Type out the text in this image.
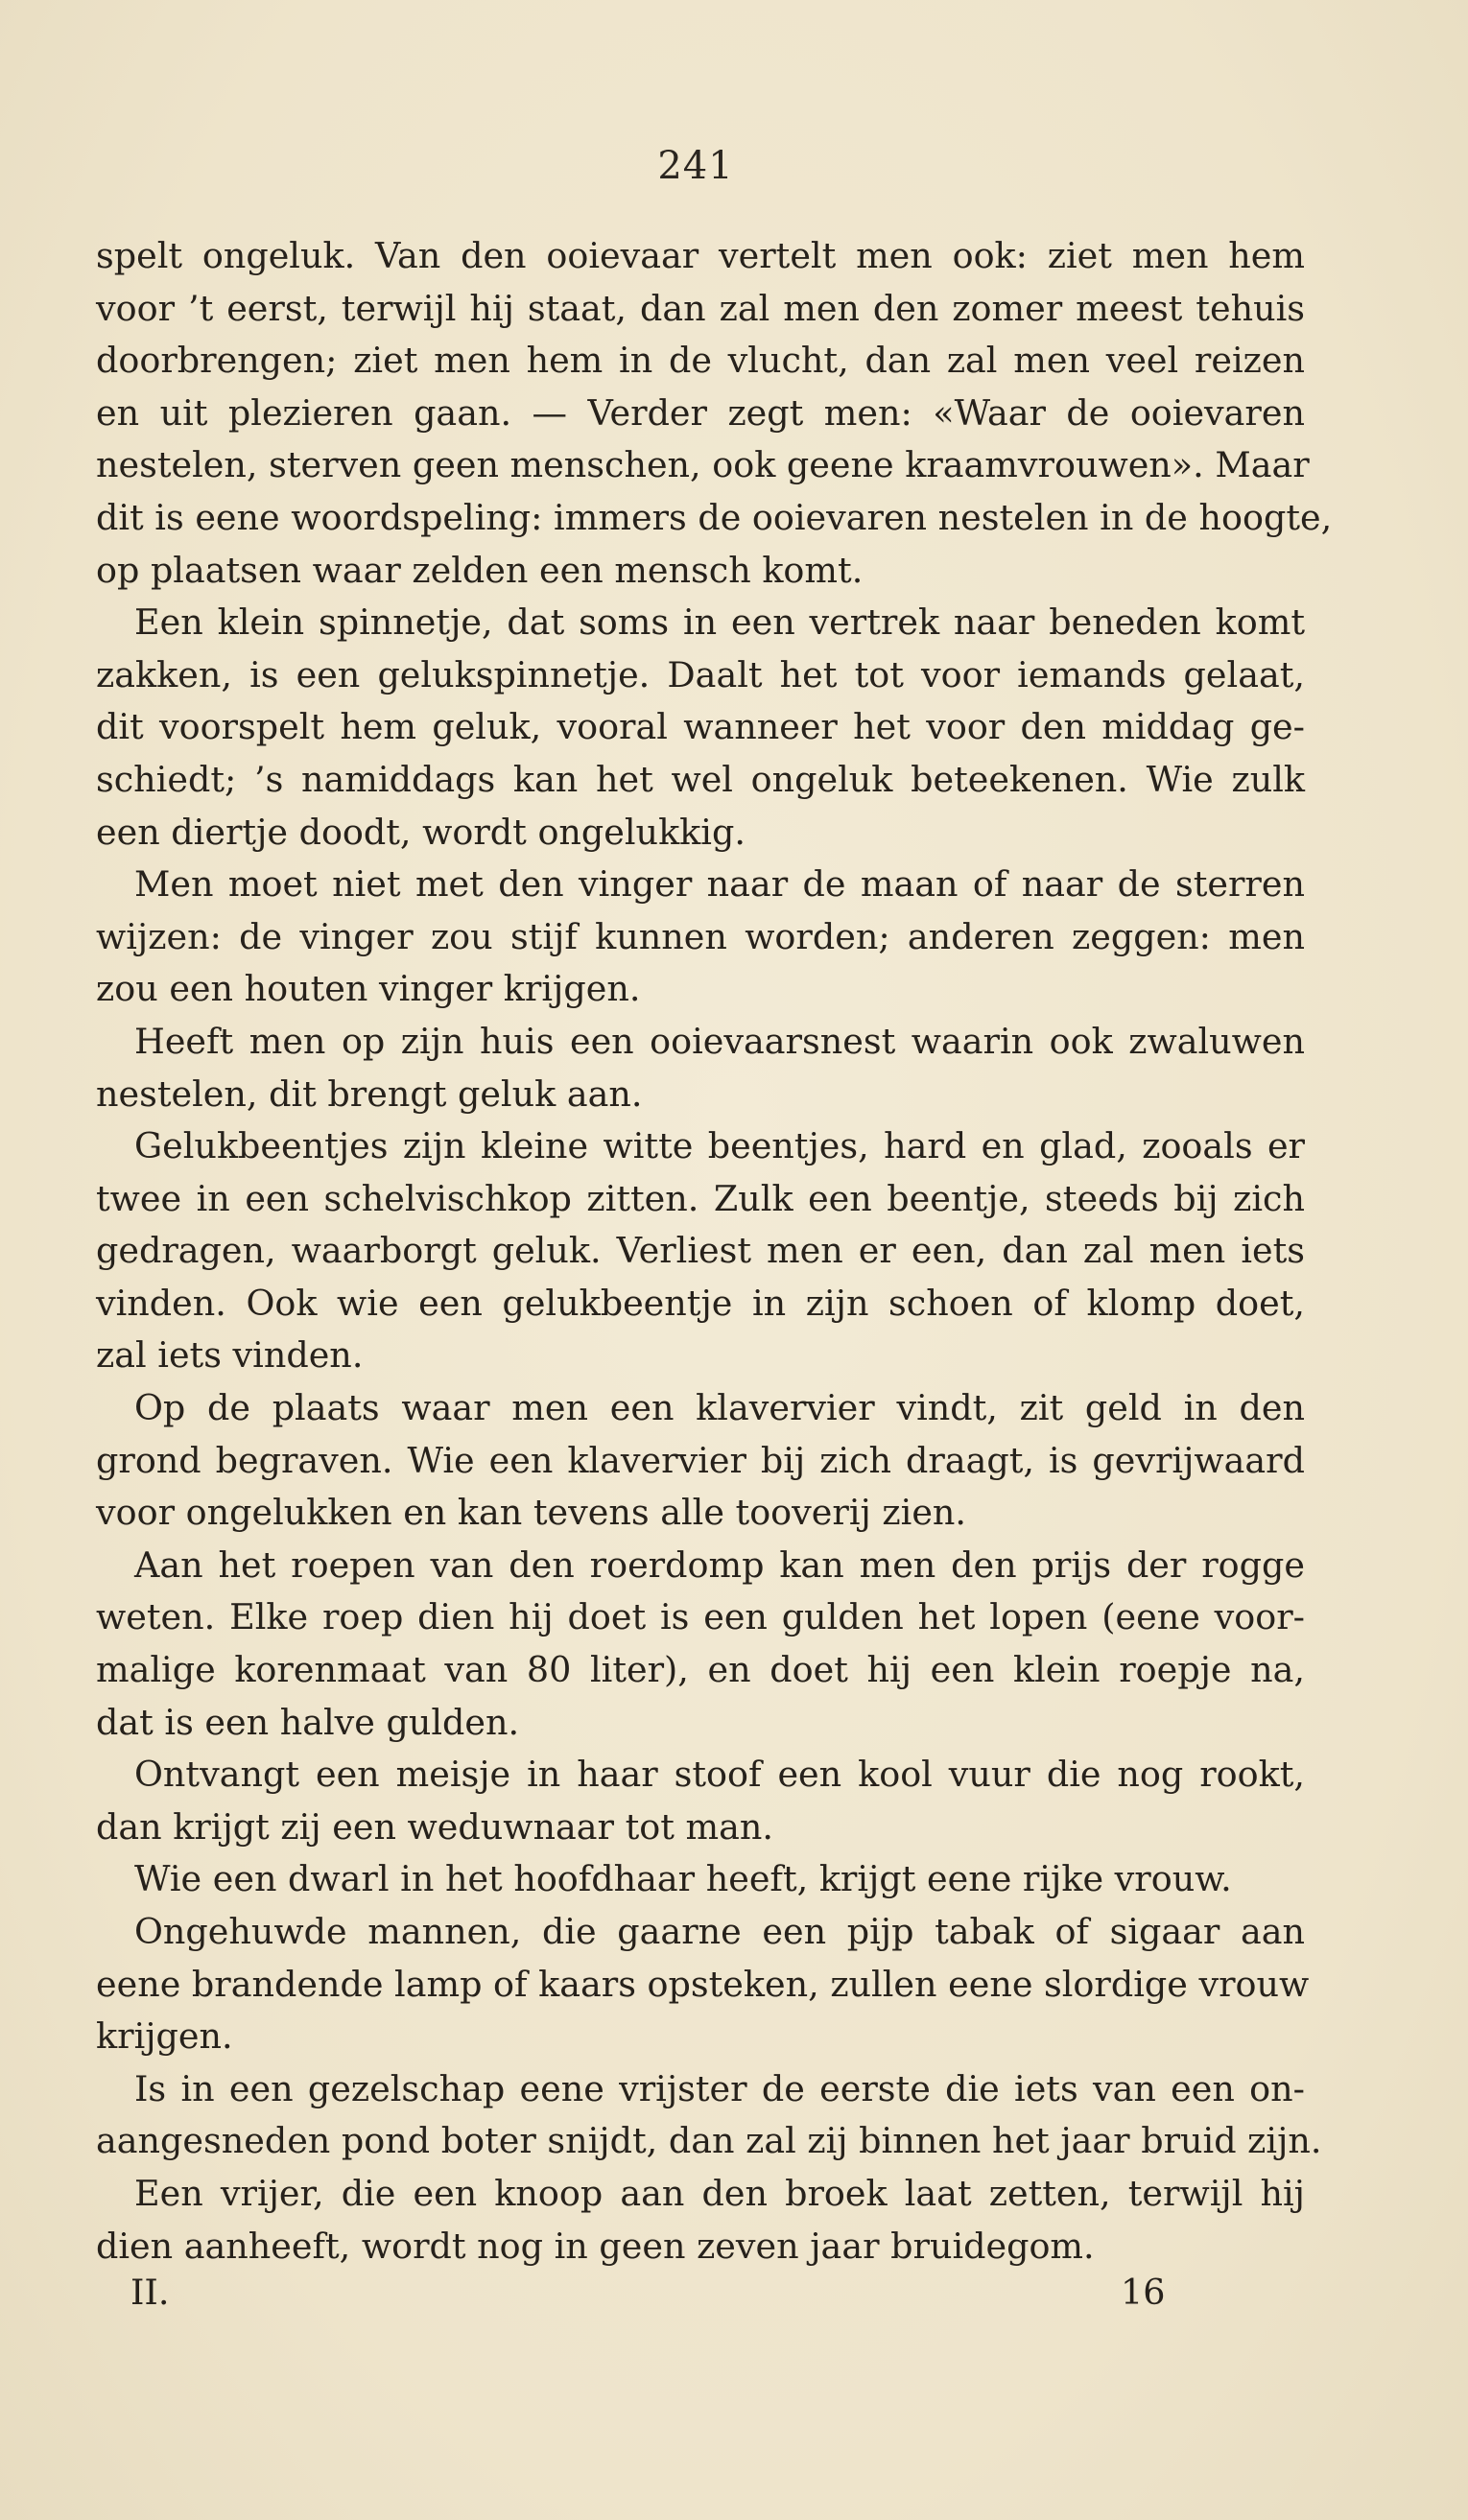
241
spelt ongeluk. Van den ooievaar vertelt men ook: ziet men hem
voor ’t eerst, terwijl hij staat, dan zal men den zomer meest tehuis
doorbrengen; ziet men hem in de vlucht, dan zal men veel reizen
en uit plezieren gaan. — Verder zegt men: «Waar de ooievaren
nestelen, sterven geen menschen, ook geene kraamvrouwen». Maar
dit is eene woordspeling: immers de ooievaren nestelen in de hoogte,
op plaatsen waar zelden een mensch komt.
Een klein spinnetje, dat soms in een vertrek naar beneden komt
zakken, is een gelukspinnetje. Daalt het tot voor iemands gelaat,
dit voorspelt hem geluk, vooral wanneer het voor den middag ge-
schiedt; ’s namiddags kan het wel ongeluk beteekenen. Wie zulk
een diertje doodt, wordt ongelukkig.
Men moet niet met den vinger naar de maan of naar de sterren
wijzen: de vinger zou stijf kunnen worden; anderen zeggen: men
zou een houten vinger krijgen.
Heeft men op zijn huis een ooievaarsnest waarin ook zwaluwen
nestelen, dit brengt geluk aan.
Gelukbeentjes zijn kleine witte beentjes, hard en glad, zooals er
twee in een schelvischkop zitten. Zulk een beentje, steeds bij zich
gedragen, waarborgt geluk. Verliest men er een, dan zal men iets
vinden. Ook wie een gelukbeentje in zijn schoen of klomp doet,
zal iets vinden.
Op de plaats waar men een klavervier vindt, zit geld in den
grond begraven. Wie een klavervier bij zich draagt, is gevrijwaard
voor ongelukken en kan tevens alle tooverij zien.
Aan het roepen van den roerdomp kan men den prijs der rogge
weten. Elke roep dien hij doet is een gulden het lopen (eene voor-
malige korenmaat van 80 liter), en doet hij een klein roepje na,
dat is een halve gulden.
Ontvangt een meisje in haar stoof een kool vuur die nog rookt,
dan krijgt zij een weduwnaar tot man.
Wie een dwarl in het hoofdhaar heeft, krijgt eene rijke vrouw.
Ongehuwde mannen, die gaarne een pijp tabak of sigaar aan
eene brandende lamp of kaars opsteken, zullen eene slordige vrouw
krijgen.
Is in een gezelschap eene vrijster de eerste die iets van een on-
aangesneden pond boter snijdt, dan zal zij binnen het jaar bruid zijn.
Een vrijer, die een knoop aan den broek laat zetten, terwijl hij
dien aanheeft, wordt nog in geen zeven jaar bruidegom.
II.	16
